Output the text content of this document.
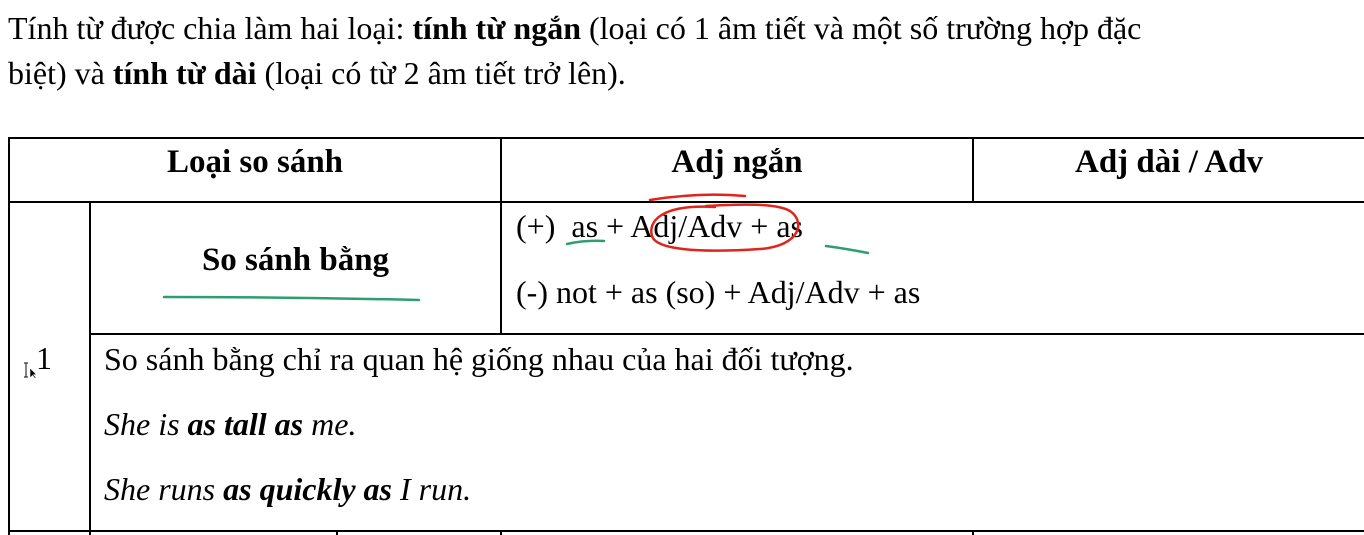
Tính từ được chia làm hai loại: tính từ ngắn (loại có 1 âm tiết và một số trường hợp đặc
biệt) và tính từ dài (loại có từ 2 âm tiết trở lên).
Loại so sánh	Adj ngắn	Adj dài / Adv
1
So sánh bằng
(+) as + Adj/Adv + as
(-) not + as (so) + Adj/Adv + as
So sánh bằng chỉ ra quan hệ giống nhau của hai đối tượng.
She is as tall as me.
She runs as quickly as I run.
